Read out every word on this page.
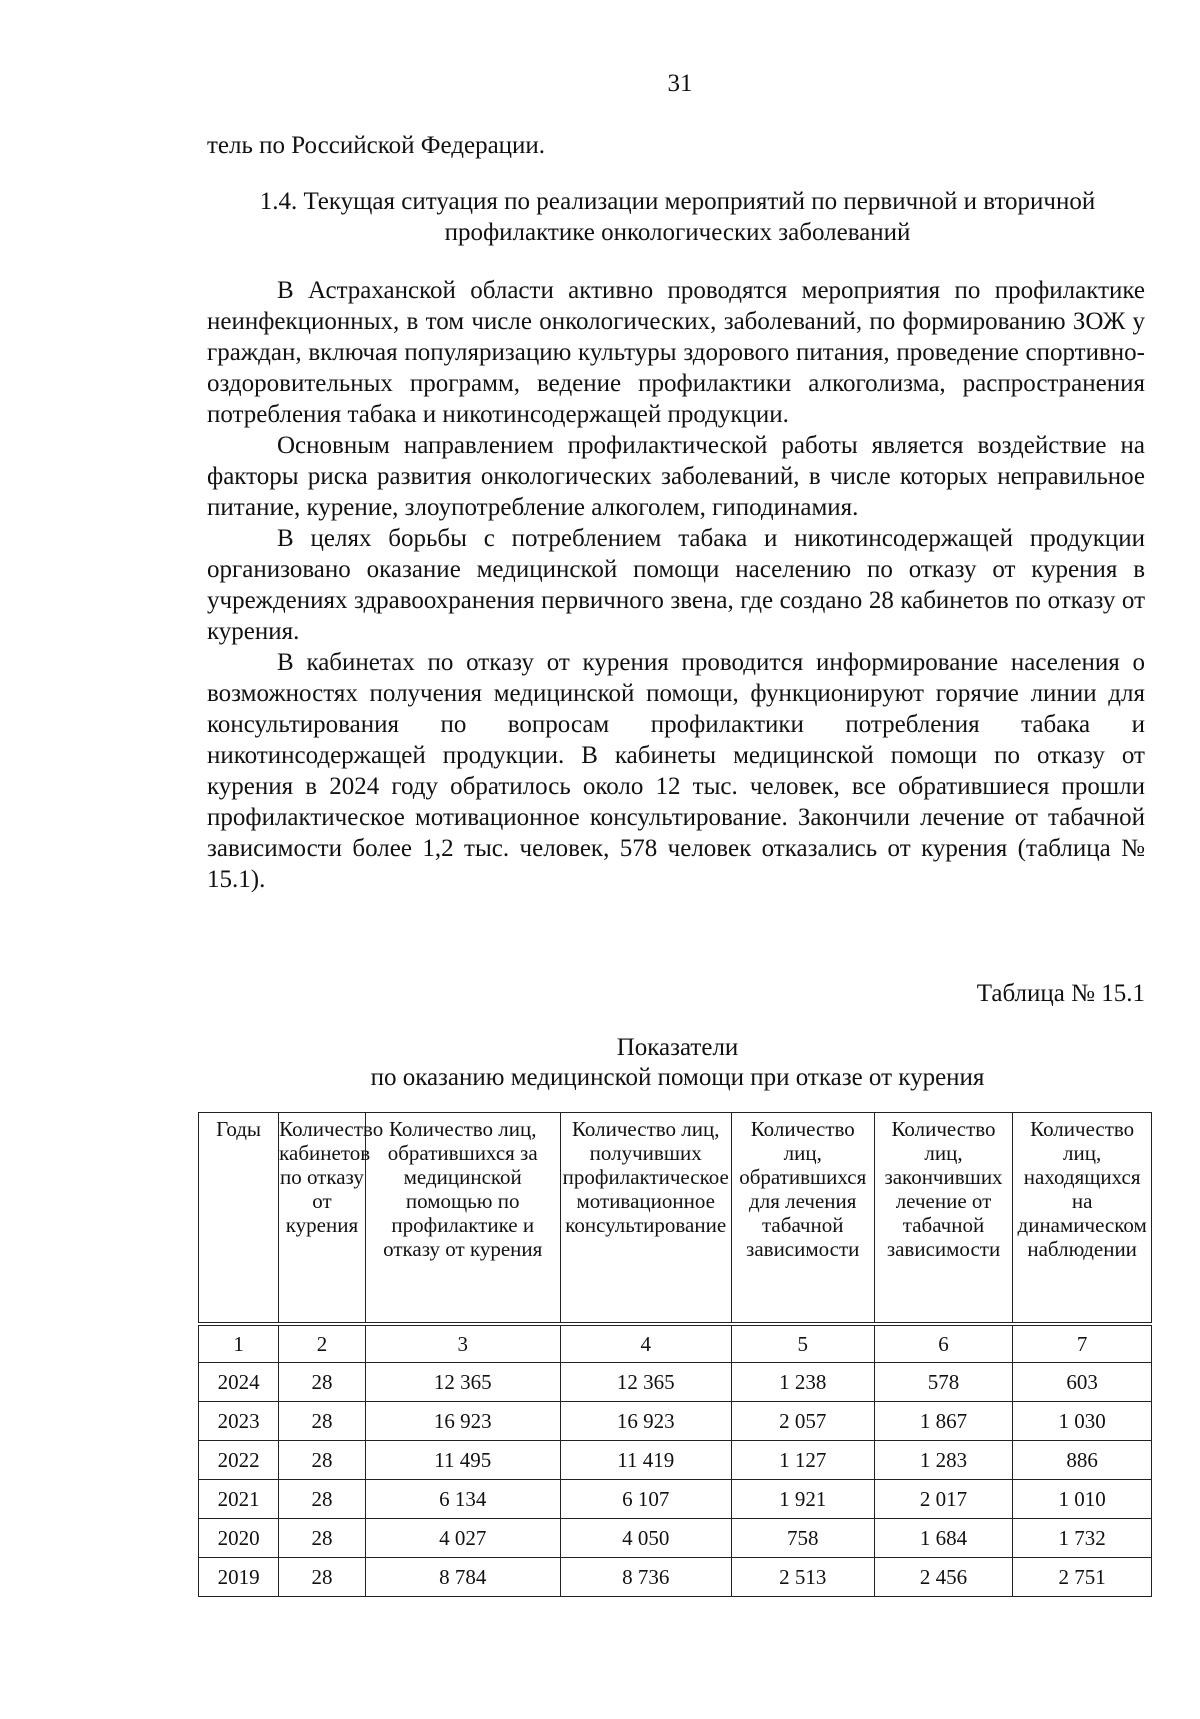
31
тель по Российской Федерации.
1.4. Текущая ситуация по реализации мероприятий по первичной и вторичной профилактике онкологических заболеваний

В Астраханской области активно проводятся мероприятия по профилактике неинфекционных, в том числе онкологических, заболеваний, по формированию ЗОЖ у граждан, включая популяризацию культуры здорового питания, проведение спортивно-оздоровительных программ, ведение профилактики алкоголизма, распространения потребления табака и никотинсодержащей продукции.

Основным направлением профилактической работы является воздействие на факторы риска развития онкологических заболеваний, в числе которых неправильное питание, курение, злоупотребление алкоголем, гиподинамия.

В целях борьбы с потреблением табака и никотинсодержащей продукции организовано оказание медицинской помощи населению по отказу от курения в учреждениях здравоохранения первичного звена, где создано 28 кабинетов по отказу от курения.

В кабинетах по отказу от курения проводится информирование населения о возможностях получения медицинской помощи, функционируют горячие линии для консультирования по вопросам профилактики потребления табака и никотинсодержащей продукции. В кабинеты медицинской помощи по отказу от курения в 2024 году обратилось около 12 тыс. человек, все обратившиеся прошли профилактическое мотивационное консультирование. Закончили лечение от табачной зависимости более 1,2 тыс. человек, 578 человек отказались от курения (таблица № 15.1).

Таблица № 15.1
Показатели
по оказанию медицинской помощи при отказе от курения
Годы	Количество кабинетов по отказу от курения	Количество лиц, обратившихся за медицинской помощью по профилактике и отказу от курения	Количество лиц, получивших профилактическое мотивационное консультирование	Количество лиц, обратившихся для лечения табачной зависимости	Количество лиц, закончивших лечение от табачной зависимости	Количество лиц, находящихся на динамическом наблюдении
1	2	3	4	5	6	7
2024	28	12 365	12 365	1 238	578	603
2023	28	16 923	16 923	2 057	1 867	1 030
2022	28	11 495	11 419	1 127	1 283	886
2021	28	6 134	6 107	1 921	2 017	1 010
2020	28	4 027	4 050	758	1 684	1 732
2019	28	8 784	8 736	2 513	2 456	2 751
